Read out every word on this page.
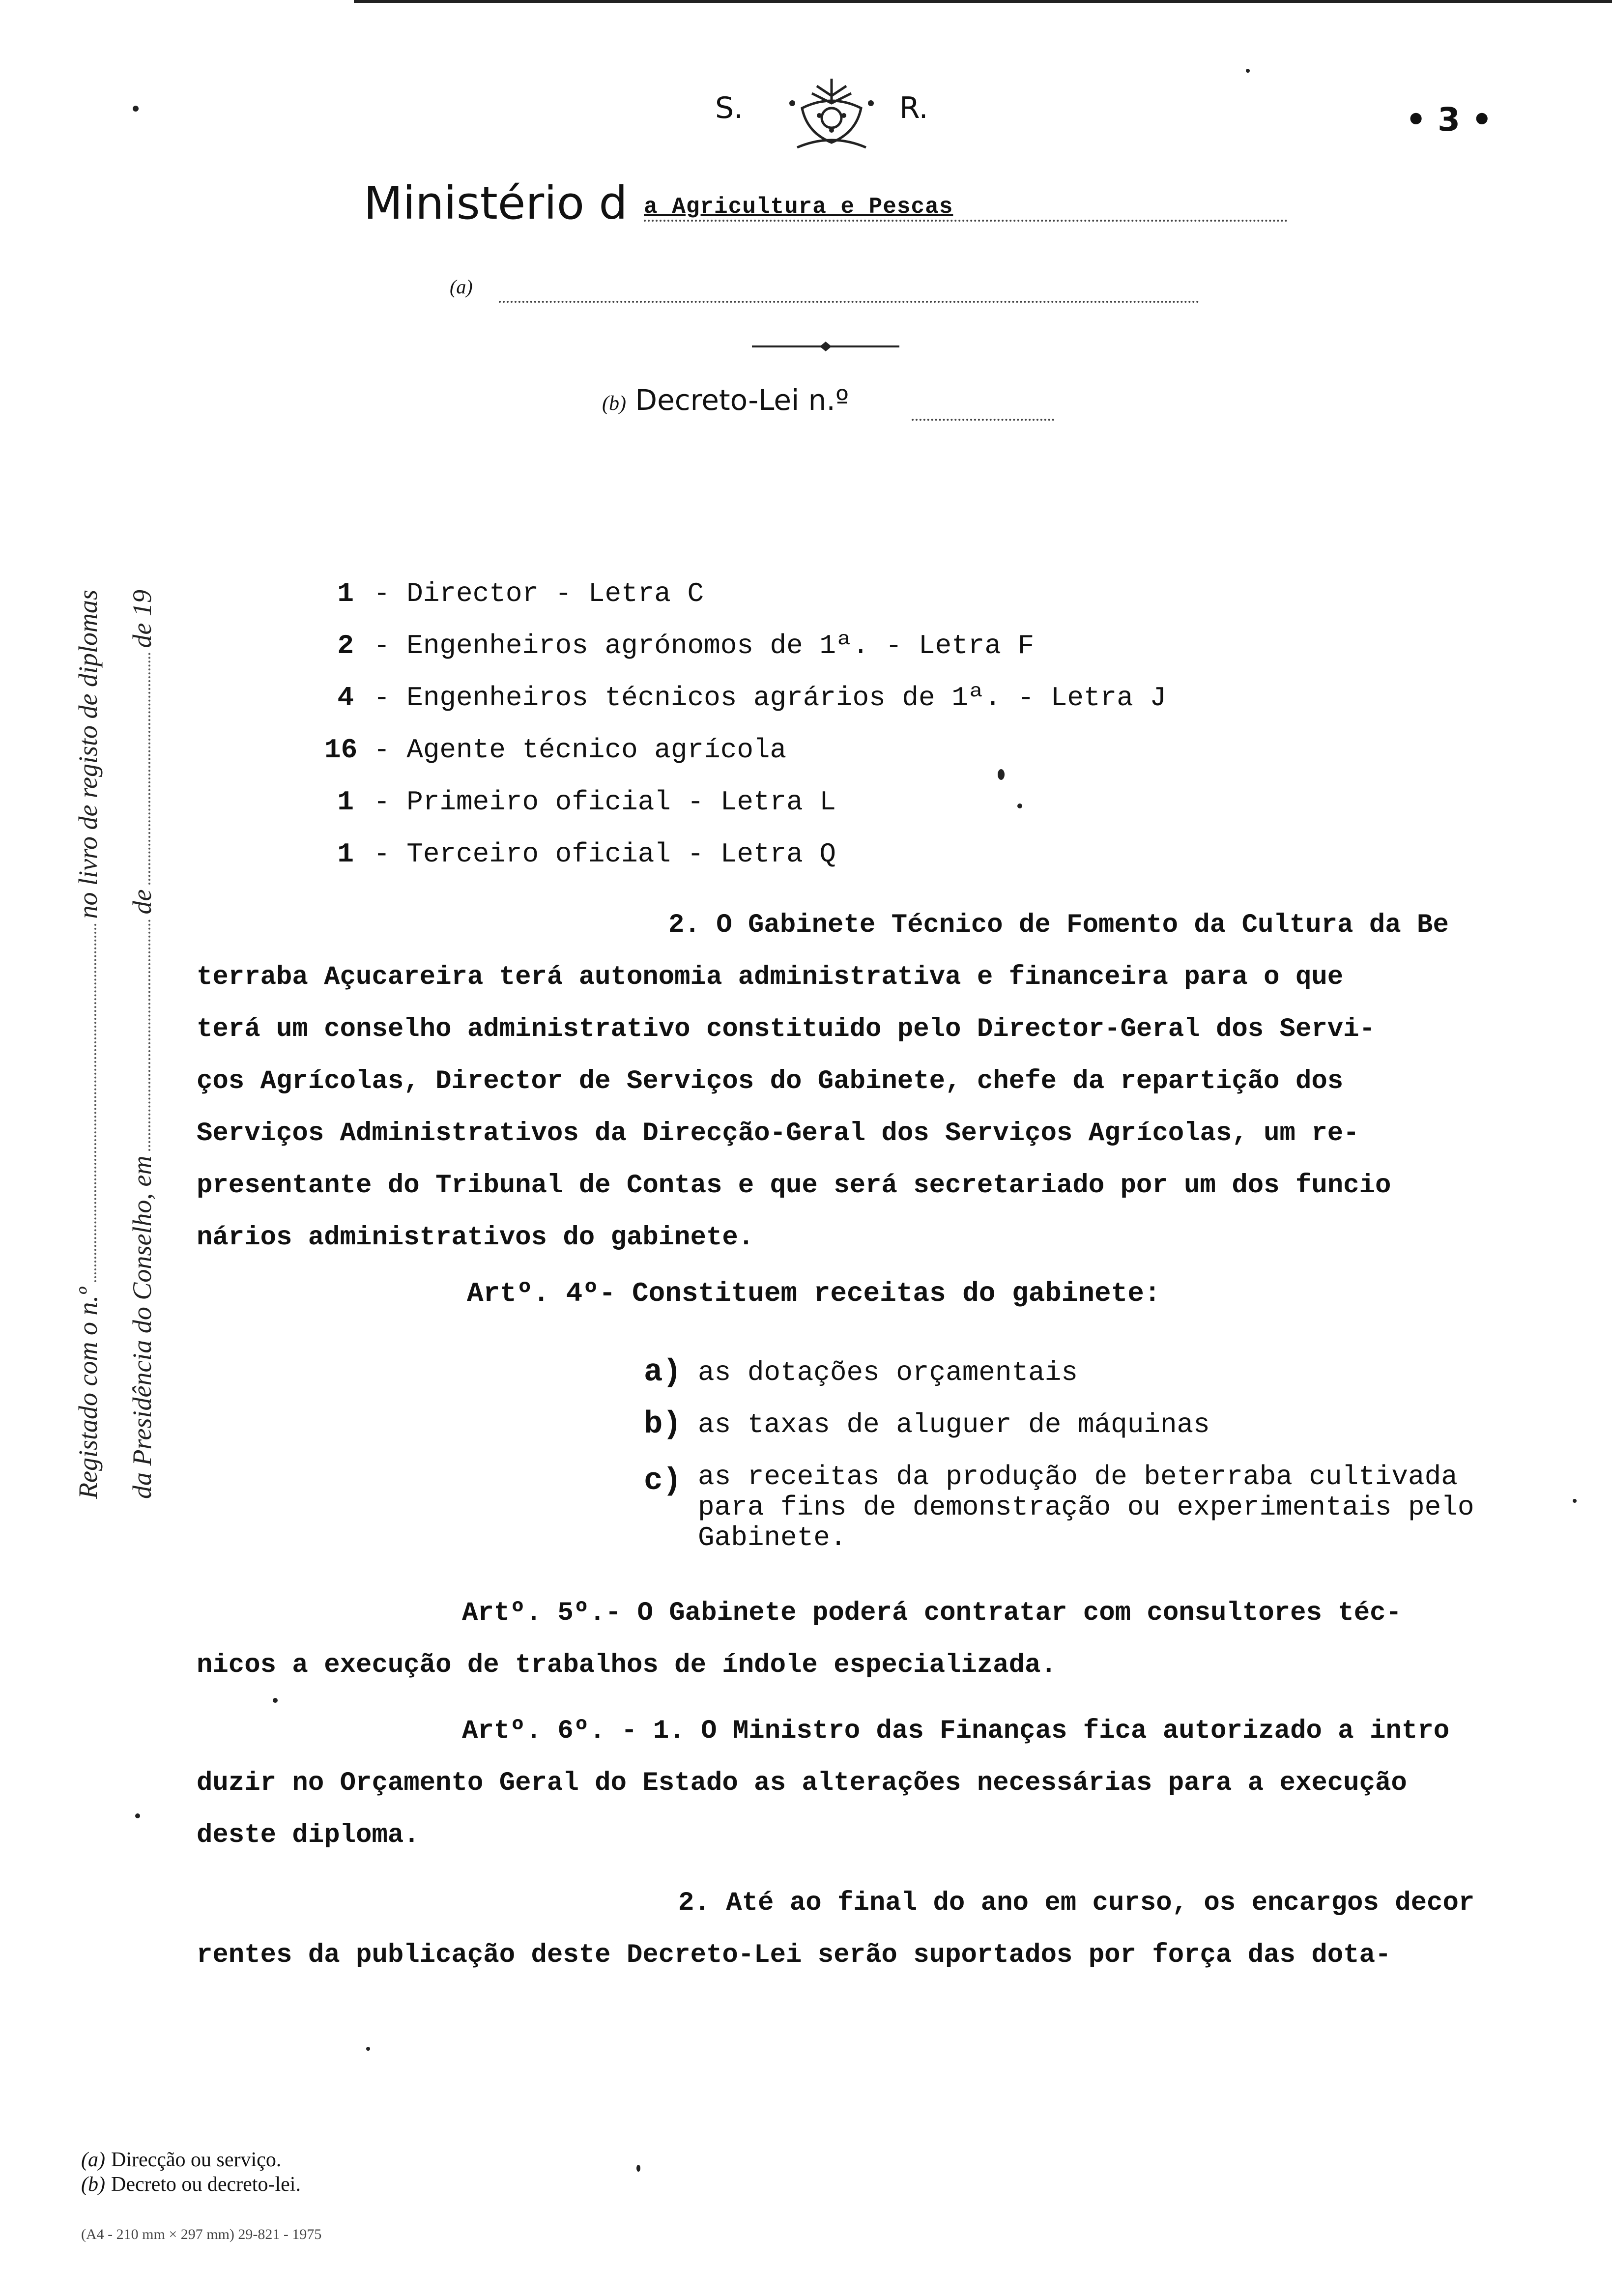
S.	R.	• 3 •
Ministério d a Agricultura e Pescas
(a)
(b) Decreto-Lei n.º
Registado com o n.º
no livro de registo de diplomas
da Presidência do Conselho, em
de
de 19	1 - Director - Letra C
2 - Engenheiros agrónomos de 1ª. - Letra F
4 - Engenheiros técnicos agrários de 1ª. - Letra J
16 - Agente técnico agrícola
1 - Primeiro oficial - Letra L
1 - Terceiro oficial - Letra Q
2. O Gabinete Técnico de Fomento da Cultura da Be
terraba Açucareira terá autonomia administrativa e financeira para o que
terá um conselho administrativo constituido pelo Director-Geral dos Servi-
ços Agrícolas, Director de Serviços do Gabinete, chefe da repartição dos
Serviços Administrativos da Direcção-Geral dos Serviços Agrícolas, um re-
presentante do Tribunal de Contas e que será secretariado por um dos funcio
nários administrativos do gabinete.
Artº. 4º- Constituem receitas do gabinete:
a) as dotações orçamentais
b) as taxas de aluguer de máquinas
c) as receitas da produção de beterraba cultivada
para fins de demonstração ou experimentais pelo
Gabinete.
Artº. 5º.- O Gabinete poderá contratar com consultores téc-
nicos a execução de trabalhos de índole especializada.
Artº. 6º. - 1. O Ministro das Finanças fica autorizado a intro
duzir no Orçamento Geral do Estado as alterações necessárias para a execução
deste diploma.
2. Até ao final do ano em curso, os encargos decor
rentes da publicação deste Decreto-Lei serão suportados por força das dota-
(a) Direcção ou serviço.
(b) Decreto ou decreto-lei.
(A4 - 210 mm × 297 mm) 29-821 - 1975
